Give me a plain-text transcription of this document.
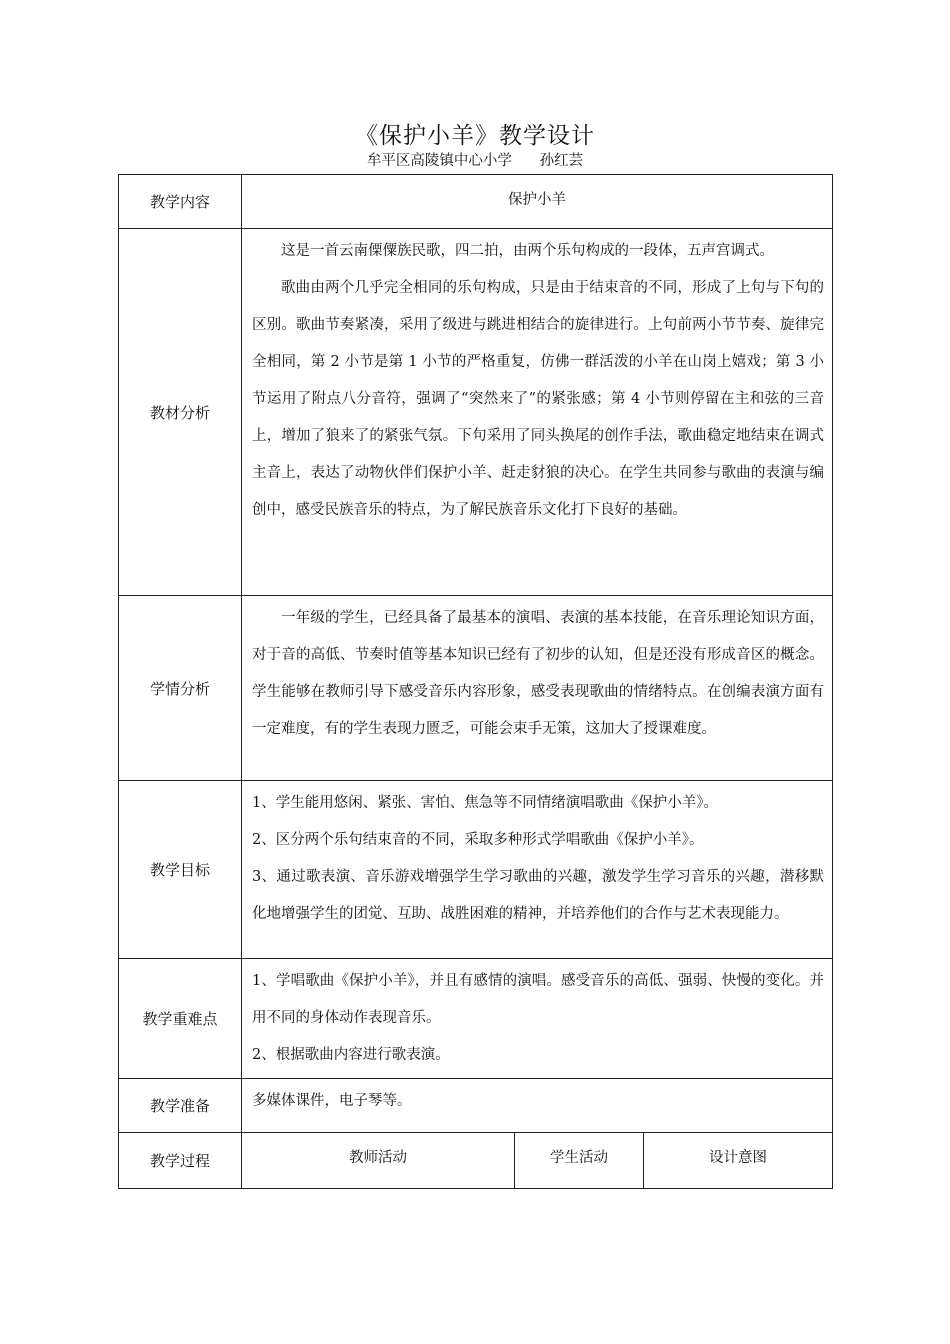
《保护小羊》教学设计
牟平区高陵镇中心小学      孙红芸
教学内容	保护小羊		
教材分析	这是一首云南傈僳族民歌，四二拍，由两个乐句构成的一段体，五声宫调式。

歌曲由两个几乎完全相同的乐句构成，只是由于结束音的不同，形成了上句与下句的区别。歌曲节奏紧凑，采用了级进与跳进相结合的旋律进行。上句前两小节节奏、旋律完全相同，第 2 小节是第 1 小节的严格重复，仿佛一群活泼的小羊在山岗上嬉戏；第 3 小节运用了附点八分音符，强调了“突然来了”的紧张感；第 4 小节则停留在主和弦的三音上，增加了狼来了的紧张气氛。下句采用了同头换尾的创作手法，歌曲稳定地结束在调式主音上，表达了动物伙伴们保护小羊、赶走豺狼的决心。在学生共同参与歌曲的表演与编创中，感受民族音乐的特点，为了解民族音乐文化打下良好的基础。		

学情分析	一年级的学生，已经具备了最基本的演唱、表演的基本技能，在音乐理论知识方面，对于音的高低、节奏时值等基本知识已经有了初步的认知，但是还没有形成音区的概念。学生能够在教师引导下感受音乐内容形象，感受表现歌曲的情绪特点。在创编表演方面有一定难度，有的学生表现力匮乏，可能会束手无策，这加大了授课难度。		

教学目标	1、学生能用悠闲、紧张、害怕、焦急等不同情绪演唱歌曲《保护小羊》。

2、区分两个乐句结束音的不同，采取多种形式学唱歌曲《保护小羊》。

3、通过歌表演、音乐游戏增强学生学习歌曲的兴趣，激发学生学习音乐的兴趣，潜移默化地增强学生的团觉、互助、战胜困难的精神，并培养他们的合作与艺术表现能力。		

教学重难点	1、学唱歌曲《保护小羊》，并且有感情的演唱。感受音乐的高低、强弱、快慢的变化。并用不同的身体动作表现音乐。

2、根据歌曲内容进行歌表演。		

教学准备	多媒体课件，电子琴等。		

教学过程	教师活动	学生活动	设计意图
